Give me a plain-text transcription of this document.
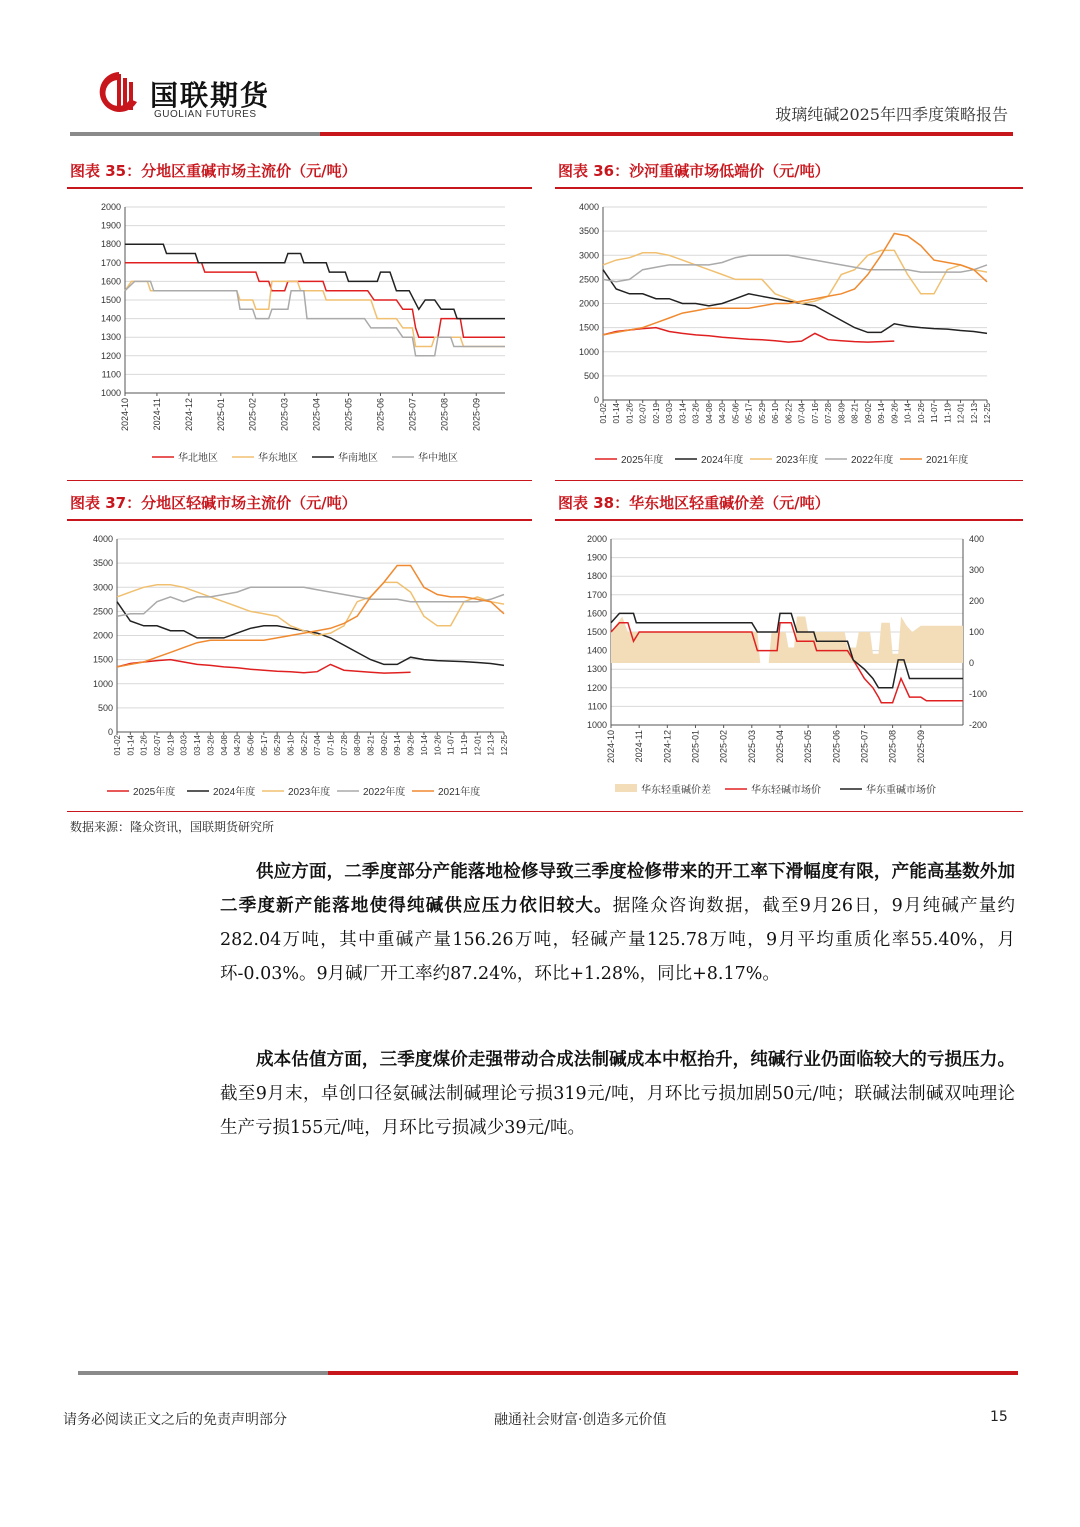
国联期货
GUOLIAN FUTURES	玻璃纯碱2025年四季度策略报告
图表 35：分地区重碱市场主流价（元/吨）	图表 36：沙河重碱市场低端价（元/吨）
1000
1100
1200
1300
1400
1500
1600
1700
1800
1900
2000
2024-10 2024-11 2024-12 2025-01 2025-02 2025-03 2025-04 2025-05 2025-06 2025-07 2025-08 2025-09
华北地区	华东地区	华南地区	华中地区
0
500
1000
1500
2000
2500
3000
3500
4000
01-02 01-14 01-26 02-07 02-19 03-03 03-14 03-26 04-08 04-20 05-06 05-17 05-29 06-10 06-22 07-04 07-16 07-28 08-09 08-21 09-02 09-14 09-26 10-14 10-26 11-07 11-19 12-01 12-13 12-25
2025年度	2024年度	2023年度	2022年度	2021年度
图表 37：分地区轻碱市场主流价（元/吨）	图表 38：华东地区轻重碱价差（元/吨）
0
500
1000
1500
2000
2500
3000
3500
4000
01-02 01-14 01-26 02-07 02-19 03-03 03-14 03-26 04-08 04-20 05-06 05-17 05-29 06-10 06-22 07-04 07-16 07-28 08-09 08-21 09-02 09-14 09-26 10-14 10-26 11-07 11-19 12-01 12-13 12-25
2025年度	2024年度	2023年度	2022年度	2021年度
1000
1100
1200
1300
1400
1500
1600
1700
1800
1900
2000
-200
-100
0
100
200
300
400
2024-10 2024-11 2024-12 2025-01 2025-02 2025-03 2025-04 2025-05 2025-06 2025-07 2025-08 2025-09
华东轻重碱价差	华东轻碱市场价	华东重碱市场价
数据来源：隆众资讯，国联期货研究所
供应方面，二季度部分产能落地检修导致三季度检修带来的开工率下滑幅度有限，产能高基数外加二季度新产能落地使得纯碱供应压力依旧较大。据隆众咨询数据，截至9月26日，9月纯碱产量约282.04万吨，其中重碱产量156.26万吨，轻碱产量125.78万吨，9月平均重质化率55.40%，月环-0.03%。9月碱厂开工率约87.24%，环比+1.28%，同比+8.17%。
成本估值方面，三季度煤价走强带动合成法制碱成本中枢抬升，纯碱行业仍面临较大的亏损压力。截至9月末，卓创口径氨碱法制碱理论亏损319元/吨，月环比亏损加剧50元/吨；联碱法制碱双吨理论生产亏损155元/吨，月环比亏损减少39元/吨。
请务必阅读正文之后的免责声明部分	融通社会财富·创造多元价值	15
